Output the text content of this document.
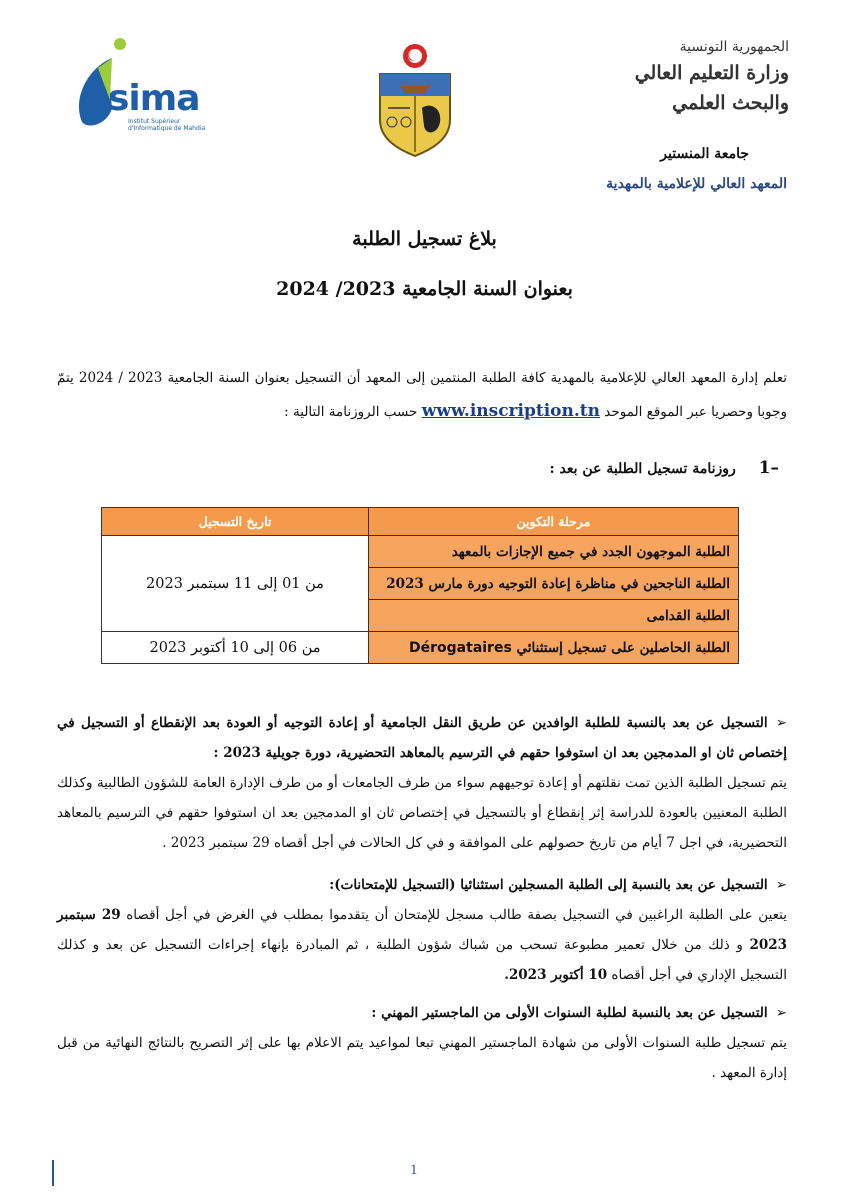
sima
Institut Supérieur d'Informatique de Mahdia
الجمهورية التونسية
وزارة التعليم العالي
والبحث العلمي
جامعة المنستير
المعهد العالي للإعلامية بالمهدية
بلاغ تسجيل الطلبة
بعنوان السنة الجامعية 2023/ 2024
تعلم إدارة المعهد العالي للإعلامية بالمهدية كافة الطلبة المنتمين إلى المعهد أن التسجيل بعنوان السنة الجامعية 2023 / 2024 يتمّ وجوبا وحصريا عبر الموقع الموحد www.inscription.tn حسب الروزنامة التالية :
1– روزنامة تسجيل الطلبة عن بعد :
تاريخ التسجيل	مرحلة التكوين
من 01 إلى 11 سبتمبر 2023	الطلبة الموجهون الجدد في جميع الإجازات بالمعهد
	الطلبة الناجحين في مناظرة إعادة التوجيه دورة مارس 2023
	الطلبة القدامى
من 06 إلى 10 أكتوبر 2023	الطلبة الحاصلين على تسجيل إستثنائي Dérogataires
➢التسجيل عن بعد بالنسبة للطلبة الوافدين عن طريق النقل الجامعية أو إعادة التوجيه أو العودة بعد الإنقطاع أو التسجيل في إختصاص ثان او المدمجين بعد ان استوفوا حقهم في الترسيم بالمعاهد التحضيرية، دورة جويلية 2023 :
يتم تسجيل الطلبة الذين تمت نقلتهم أو إعادة توجيههم سواء من طرف الجامعات أو من طرف الإدارة العامة للشؤون الطالبية وكذلك الطلبة المعنيين بالعودة للدراسة إثر إنقطاع أو بالتسجيل في إختصاص ثان او المدمجين بعد ان استوفوا حقهم في الترسيم بالمعاهد التحضيرية، في اجل 7 أيام من تاريخ حصولهم على الموافقة و في كل الحالات في أجل أقصاه 29 سبتمبر 2023 .
➢التسجيل عن بعد بالنسبة إلى الطلبة المسجلين استثنائيا (التسجيل للإمتحانات):
يتعين على الطلبة الراغبين في التسجيل بصفة طالب مسجل للإمتحان أن يتقدموا بمطلب في الغرض في أجل أقصاه 29 سبتمبر 2023 و ذلك من خلال تعمير مطبوعة تسحب من شباك شؤون الطلبة ، ثم المبادرة بإنهاء إجراءات التسجيل عن بعد و كذلك التسجيل الإداري في أجل أقصاه 10 أكتوبر 2023.
➢التسجيل عن بعد بالنسبة لطلبة السنوات الأولى من الماجستير المهني :
يتم تسجيل طلبة السنوات الأولى من شهادة الماجستير المهني تبعا لمواعيد يتم الاعلام بها على إثر التصريح بالنتائج النهائية من قبل إدارة المعهد .
1
